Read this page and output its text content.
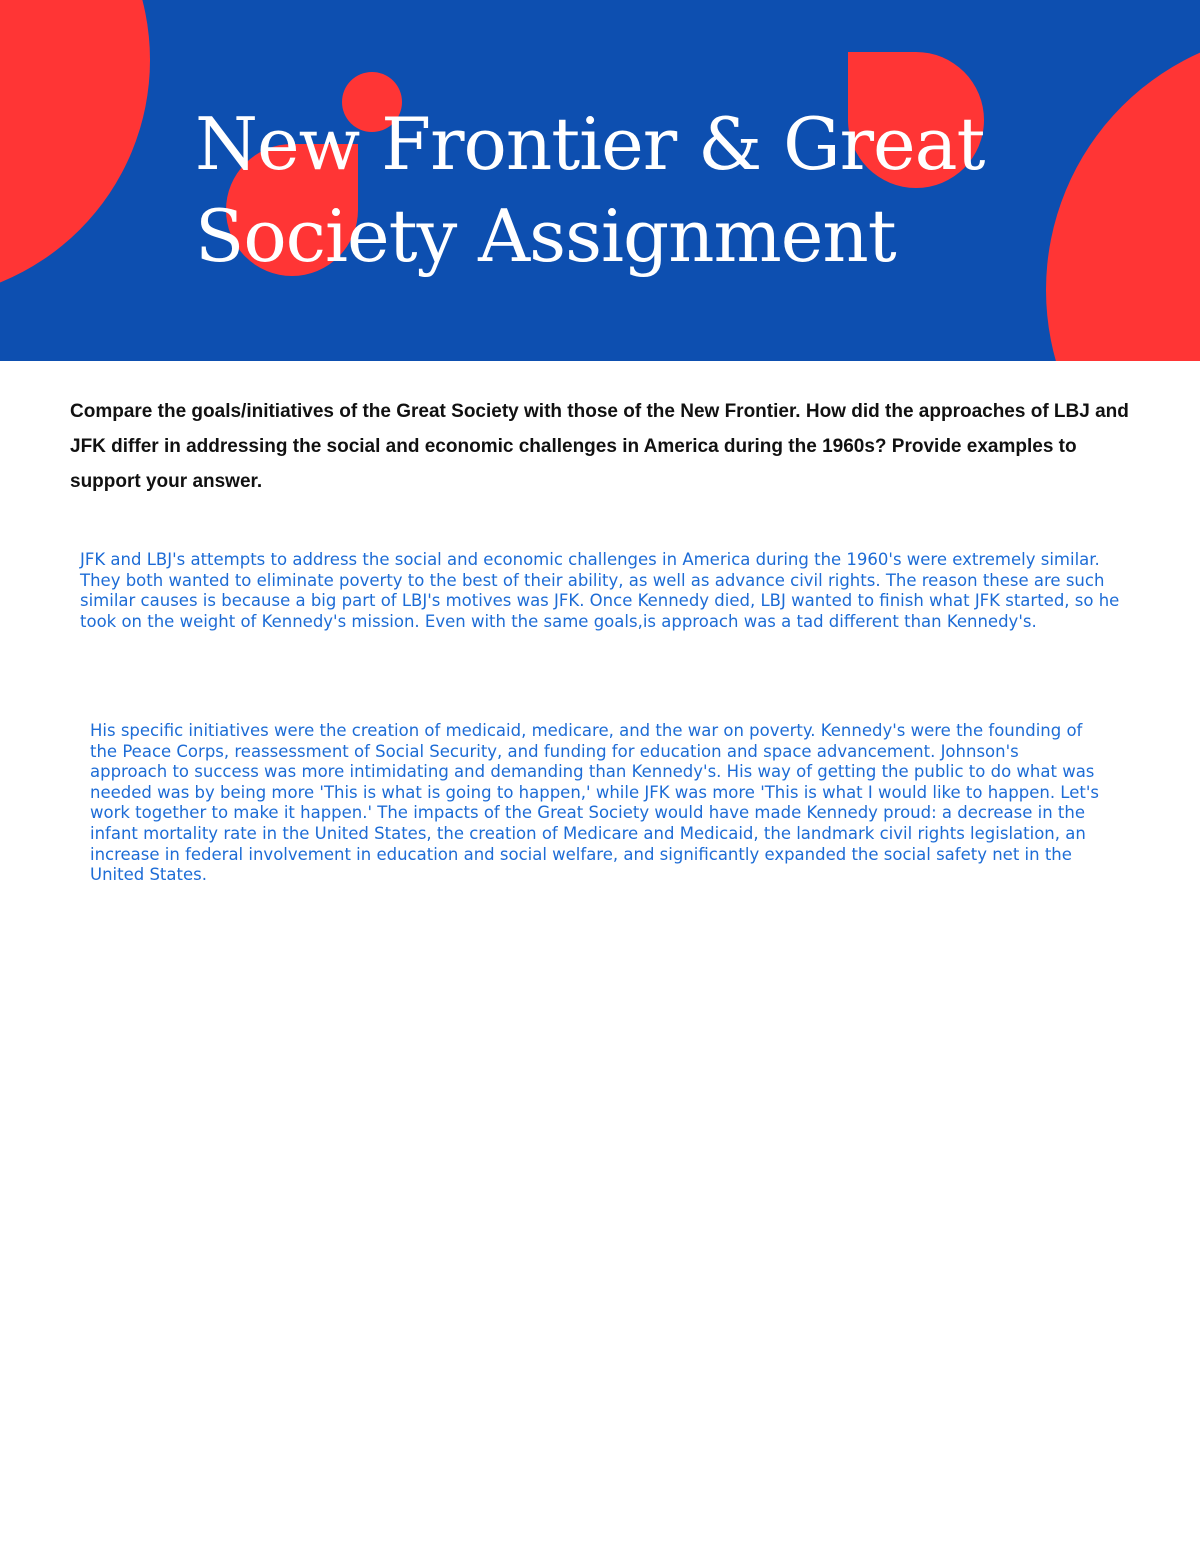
New Frontier & Great
Society Assignment

Compare the goals/initiatives of the Great Society with those of the New Frontier. How did the approaches of LBJ and JFK differ in addressing the social and economic challenges in America during the 1960s? Provide examples to support your answer.

JFK and LBJ's attempts to address the social and economic challenges in America during the 1960's were extremely similar. They both wanted to eliminate poverty to the best of their ability, as well as advance civil rights. The reason these are such similar causes is because a big part of LBJ's motives was JFK. Once Kennedy died, LBJ wanted to finish what JFK started, so he took on the weight of Kennedy's mission. Even with the same goals,is approach was a tad different than Kennedy's.

His specific initiatives were the creation of medicaid, medicare, and the war on poverty. Kennedy's were the founding of the Peace Corps, reassessment of Social Security, and funding for education and space advancement. Johnson's approach to success was more intimidating and demanding than Kennedy's. His way of getting the public to do what was needed was by being more 'This is what is going to happen,' while JFK was more 'This is what I would like to happen. Let's work together to make it happen.' The impacts of the Great Society would have made Kennedy proud: a decrease in the infant mortality rate in the United States, the creation of Medicare and Medicaid, the landmark civil rights legislation, an increase in federal involvement in education and social welfare, and significantly expanded the social safety net in the United States.
